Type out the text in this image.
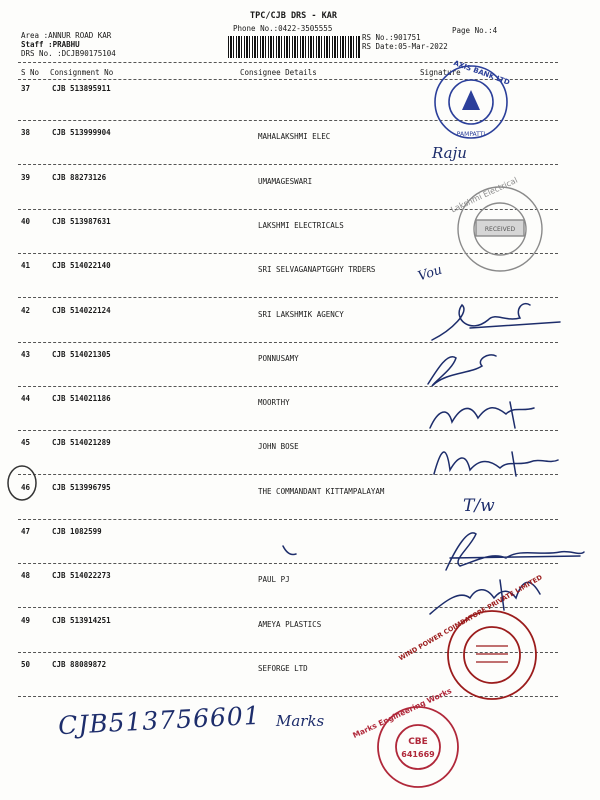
TPC/CJB DRS - KAR
Phone No.:0422-3505555	Page No.:4
Area :ANNUR ROAD KAR
Staff :PRABHU
DRS No. :DCJB90175104
RS No.:901751
RS Date:05-Mar-2022
S No Consignment No	Consignee Details	Signature
37	CJB 513895911
38	CJB 513999904	MAHALAKSHMI ELEC
39	CJB 88273126	UMAMAGESWARI
40	CJB 513987631	LAKSHMI ELECTRICALS
41	CJB 514022140	SRI SELVAGANAPTGGHY TRDERS
42	CJB 514022124	SRI LAKSHMIK AGENCY
43	CJB 514021305	PONNUSAMY
44	CJB 514021186	MOORTHY
45	CJB 514021289	JOHN BOSE
46	CJB 513996795	THE COMMANDANT KITTAMPALAYAM
47	CJB 1082599
48	CJB 514022273	PAUL PJ
49	CJB 513914251	AMEYA PLASTICS
50	CJB 88089872	SEFORGE LTD
Raju
Vou
T/w
CJB513756601 Marks
AXIS BANK LTD
PAMPATTI
Lakshmi Electrical
RECEIVED
WIND POWER COIMBATORE PRIVATE LIMITED
Marks Engineering Works
CBE
641669
